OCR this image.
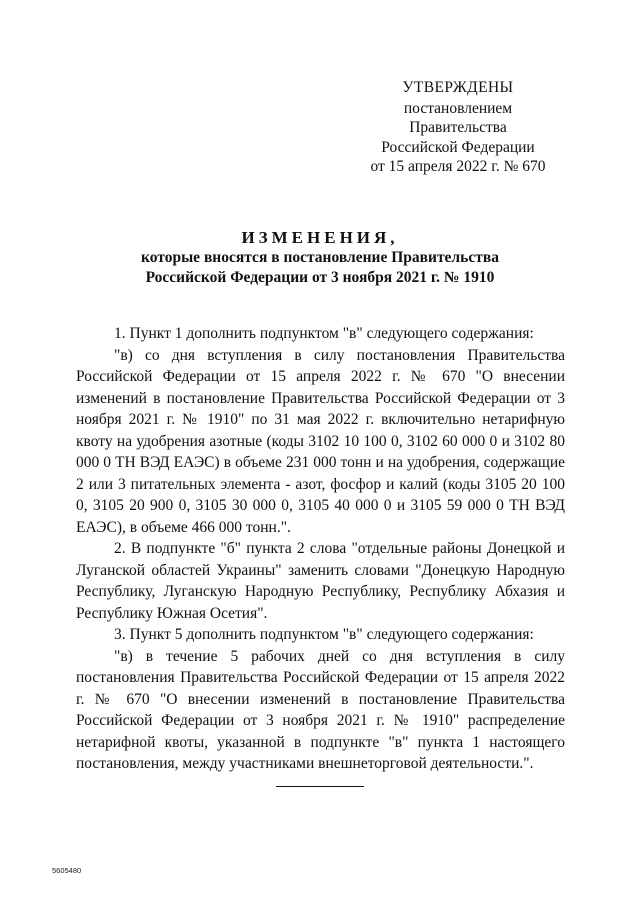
УТВЕРЖДЕНЫ
постановлением Правительства
Российской Федерации
от 15 апреля 2022 г. № 670
ИЗМЕНЕНИЯ,
которые вносятся в постановление Правительства
Российской Федерации от 3 ноября 2021 г. № 1910

1. Пункт 1 дополнить подпунктом "в" следующего содержания:

"в) со дня вступления в силу постановления Правительства Российской Федерации от 15 апреля 2022 г. № 670 "О внесении изменений в постановление Правительства Российской Федерации от 3 ноября 2021 г. № 1910" по 31 мая 2022 г. включительно нетарифную квоту на удобрения азотные (коды 3102 10 100 0, 3102 60 000 0 и 3102 80 000 0 ТН ВЭД ЕАЭС) в объеме 231 000 тонн и на удобрения, содержащие 2 или 3 питательных элемента - азот, фосфор и калий (коды 3105 20 100 0, 3105 20 900 0, 3105 30 000 0, 3105 40 000 0 и 3105 59 000 0 ТН ВЭД ЕАЭС), в объеме 466 000 тонн.".

2. В подпункте "б" пункта 2 слова "отдельные районы Донецкой и Луганской областей Украины" заменить словами "Донецкую Народную Республику, Луганскую Народную Республику, Республику Абхазия и Республику Южная Осетия".

3. Пункт 5 дополнить подпунктом "в" следующего содержания:

"в) в течение 5 рабочих дней со дня вступления в силу постановления Правительства Российской Федерации от 15 апреля 2022 г. № 670 "О внесении изменений в постановление Правительства Российской Федерации от 3 ноября 2021 г. № 1910" распределение нетарифной квоты, указанной в подпункте "в" пункта 1 настоящего постановления, между участниками внешнеторговой деятельности.".

5605480
